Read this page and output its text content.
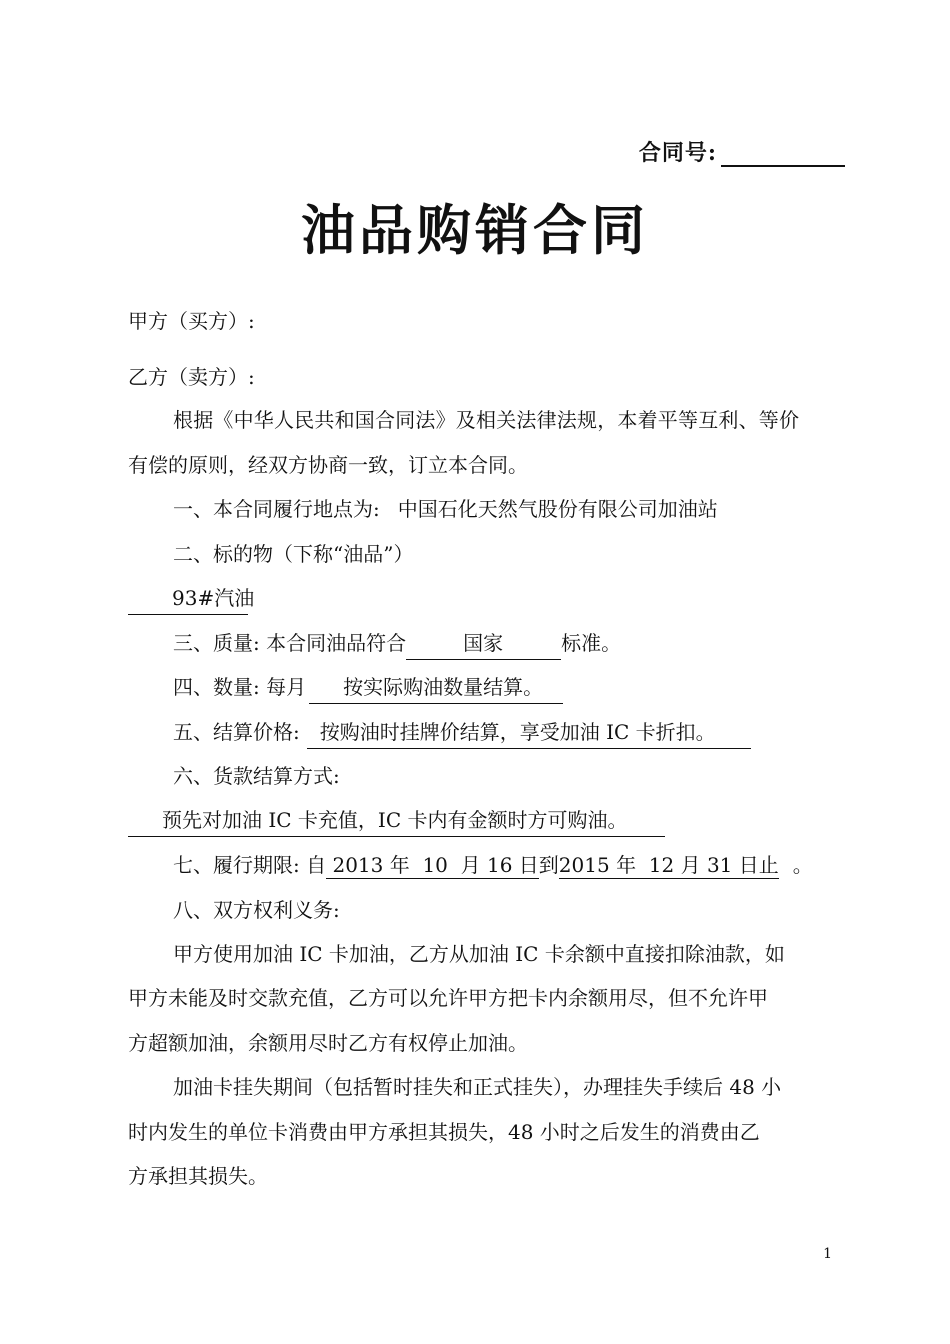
合同号:
油品购销合同
甲方（买方）:
乙方（卖方）:
根据《中华人民共和国合同法》及相关法律法规，本着平等互利、等价
有偿的原则，经双方协商一致，订立本合同。
一、本合同履行地点为: 中国石化天然气股份有限公司加油站
二、标的物（下称“油品”）
93#汽油
三、质量: 本合同油品符合	国家	标准。
四、数量: 每月 按实际购油数量结算。
五、结算价格: 按购油时挂牌价结算，享受加油 IC 卡折扣。
六、货款结算方式:
预先对加油 IC 卡充值，IC 卡内有金额时方可购油。
七、履行期限: 自 2013 年 10 月 16 日到2015 年 12 月 31 日止 。
八、双方权利义务:
甲方使用加油 IC 卡加油，乙方从加油 IC 卡余额中直接扣除油款，如
甲方未能及时交款充值，乙方可以允许甲方把卡内余额用尽，但不允许甲
方超额加油，余额用尽时乙方有权停止加油。
加油卡挂失期间（包括暂时挂失和正式挂失），办理挂失手续后 48 小
时内发生的单位卡消费由甲方承担其损失，48 小时之后发生的消费由乙
方承担其损失。
1
